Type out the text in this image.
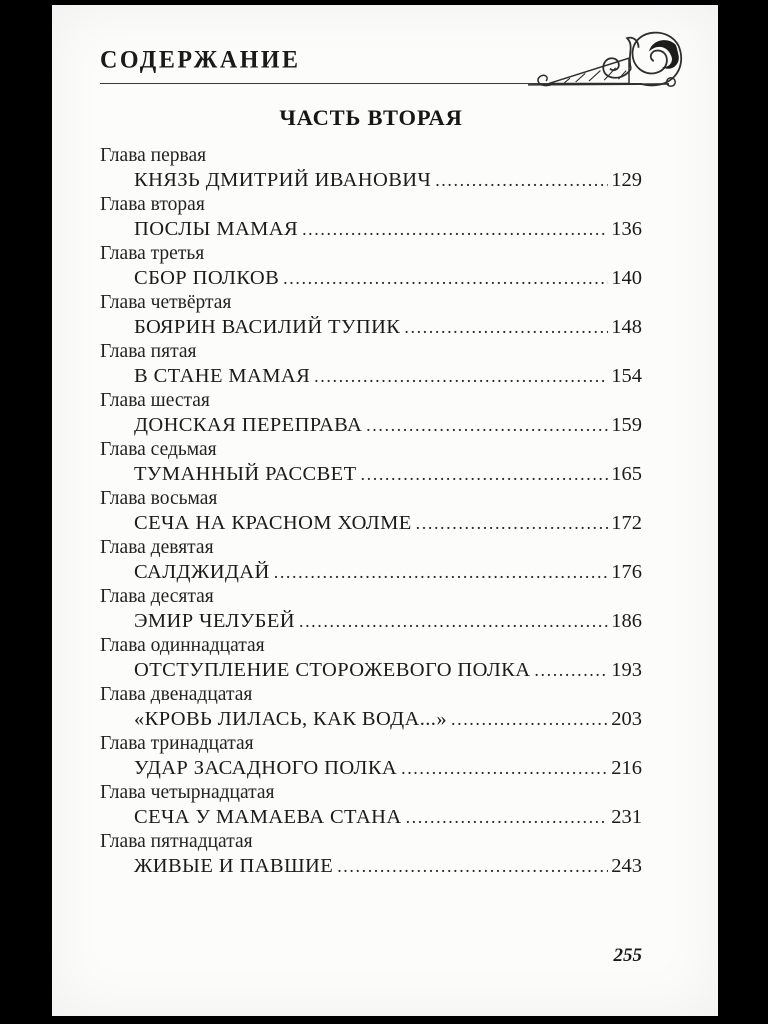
СОДЕРЖАНИЕ
ЧАСТЬ ВТОРАЯ
Глава первая
КНЯЗЬ ДМИТРИЙ ИВАНОВИЧ .....	129
Глава вторая
ПОСЛЫ МАМАЯ .....	136
Глава третья
СБОР ПОЛКОВ .....	140
Глава четвёртая
БОЯРИН ВАСИЛИЙ ТУПИК .....	148
Глава пятая
В СТАНЕ МАМАЯ .....	154
Глава шестая
ДОНСКАЯ ПЕРЕПРАВА .....	159
Глава седьмая
ТУМАННЫЙ РАССВЕТ .....	165
Глава восьмая
СЕЧА НА КРАСНОМ ХОЛМЕ .....	172
Глава девятая
САЛДЖИДАЙ .....	176
Глава десятая
ЭМИР ЧЕЛУБЕЙ .....	186
Глава одиннадцатая
ОТСТУПЛЕНИЕ СТОРОЖЕВОГО ПОЛКА .....	193
Глава двенадцатая
«КРОВЬ ЛИЛАСЬ, КАК ВОДА...» .....	203
Глава тринадцатая
УДАР ЗАСАДНОГО ПОЛКА .....	216
Глава четырнадцатая
СЕЧА У МАМАЕВА СТАНА .....	231
Глава пятнадцатая
ЖИВЫЕ И ПАВШИЕ .....	243
255
